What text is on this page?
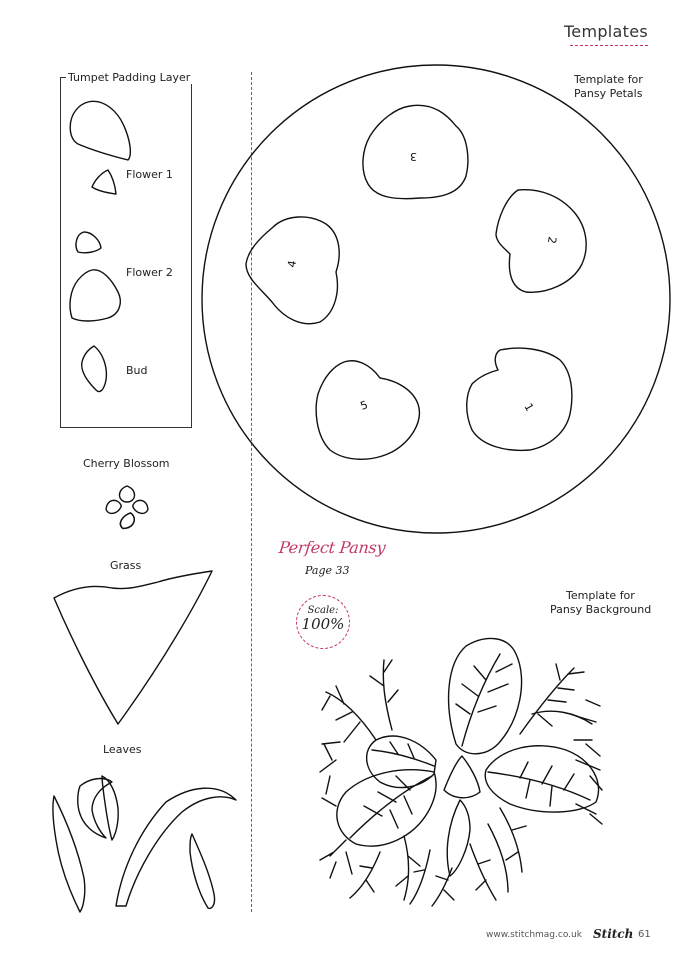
Templates
Tumpet Padding Layer
Flower 1
Flower 2
Bud
Cherry Blossom
Grass
Leaves
Template for
Pansy Petals
Template for
Pansy Background
Perfect Pansy
Page 33
Scale:
100%
3
2
4
5	1
www.stitchmag.co.uk Stitch 61
